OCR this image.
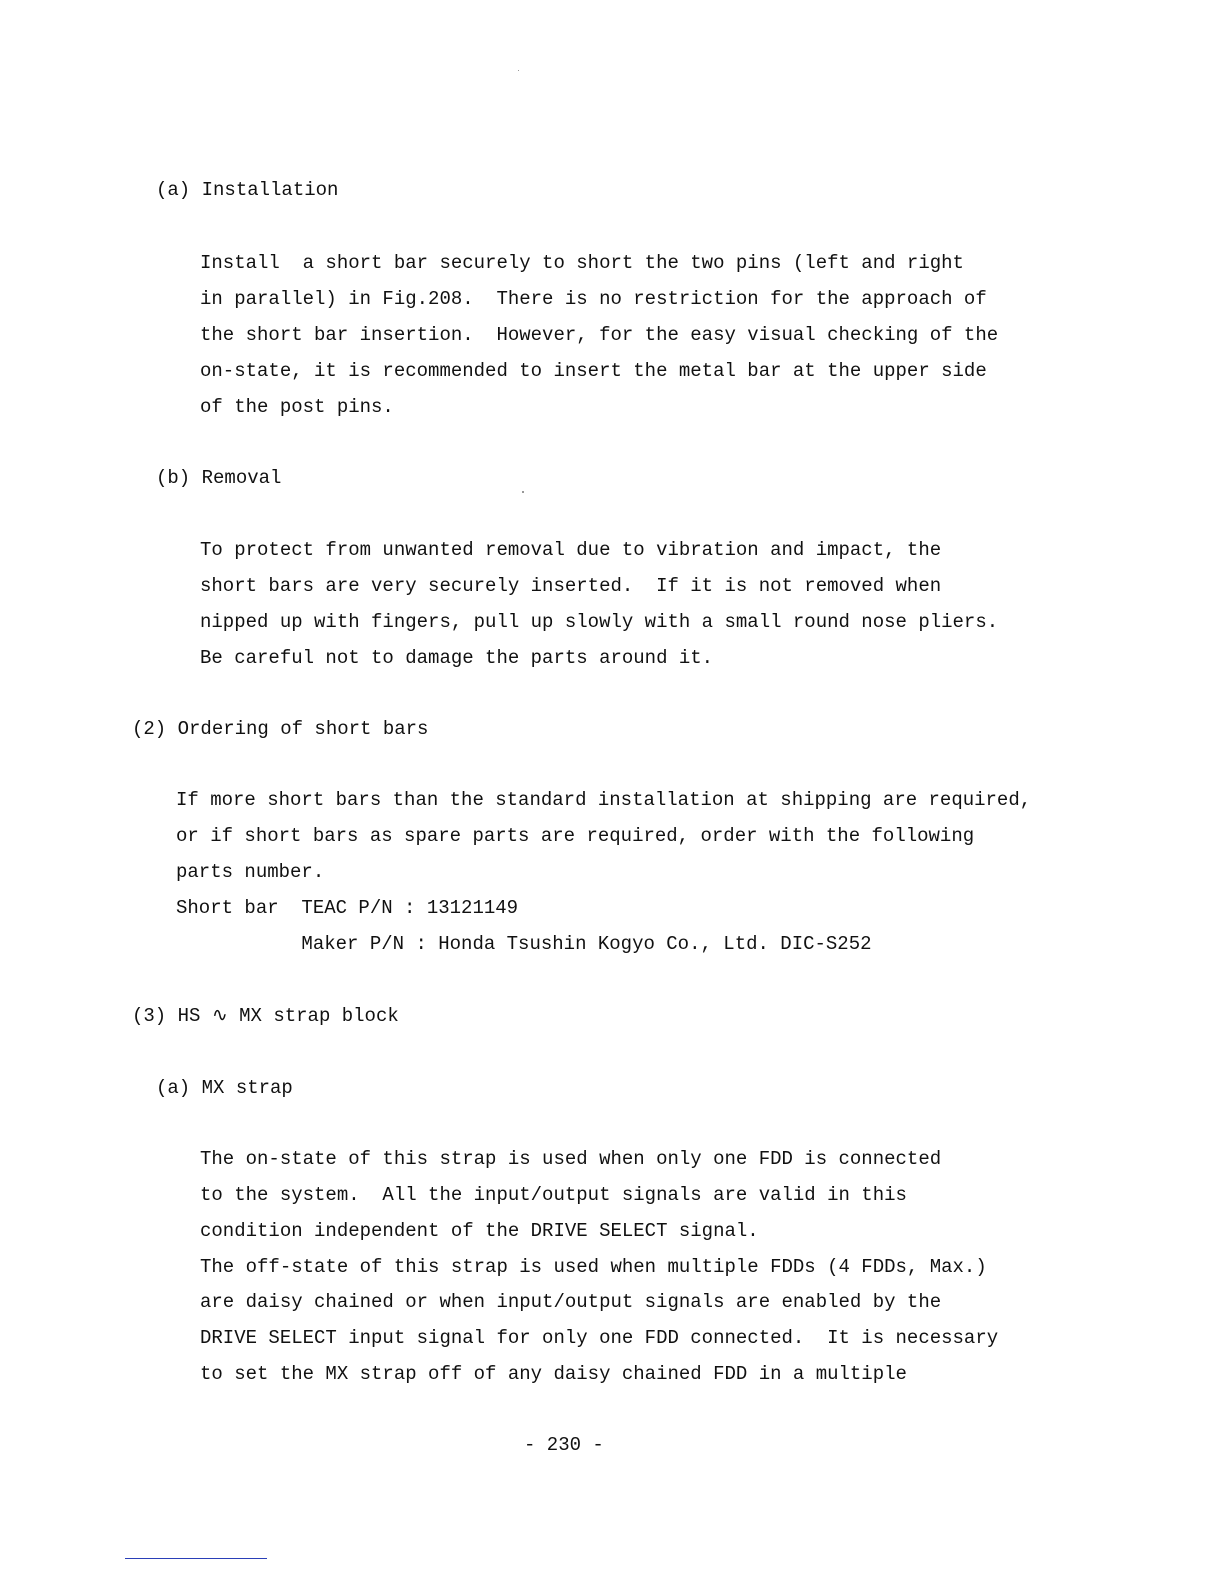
(a) Installation
Install  a short bar securely to short the two pins (left and right
in parallel) in Fig.208.  There is no restriction for the approach of
the short bar insertion.  However, for the easy visual checking of the
on-state, it is recommended to insert the metal bar at the upper side
of the post pins.
(b) Removal
To protect from unwanted removal due to vibration and impact, the
short bars are very securely inserted.  If it is not removed when
nipped up with fingers, pull up slowly with a small round nose pliers.
Be careful not to damage the parts around it.
(2) Ordering of short bars
If more short bars than the standard installation at shipping are required,
or if short bars as spare parts are required, order with the following
parts number.
Short bar  TEAC P/N : 13121149
Maker P/N : Honda Tsushin Kogyo Co., Ltd. DIC-S252
(3) HS ∿ MX strap block
(a) MX strap
The on-state of this strap is used when only one FDD is connected
to the system.  All the input/output signals are valid in this
condition independent of the DRIVE SELECT signal.
The off-state of this strap is used when multiple FDDs (4 FDDs, Max.)
are daisy chained or when input/output signals are enabled by the
DRIVE SELECT input signal for only one FDD connected.  It is necessary
to set the MX strap off of any daisy chained FDD in a multiple
- 230 -
